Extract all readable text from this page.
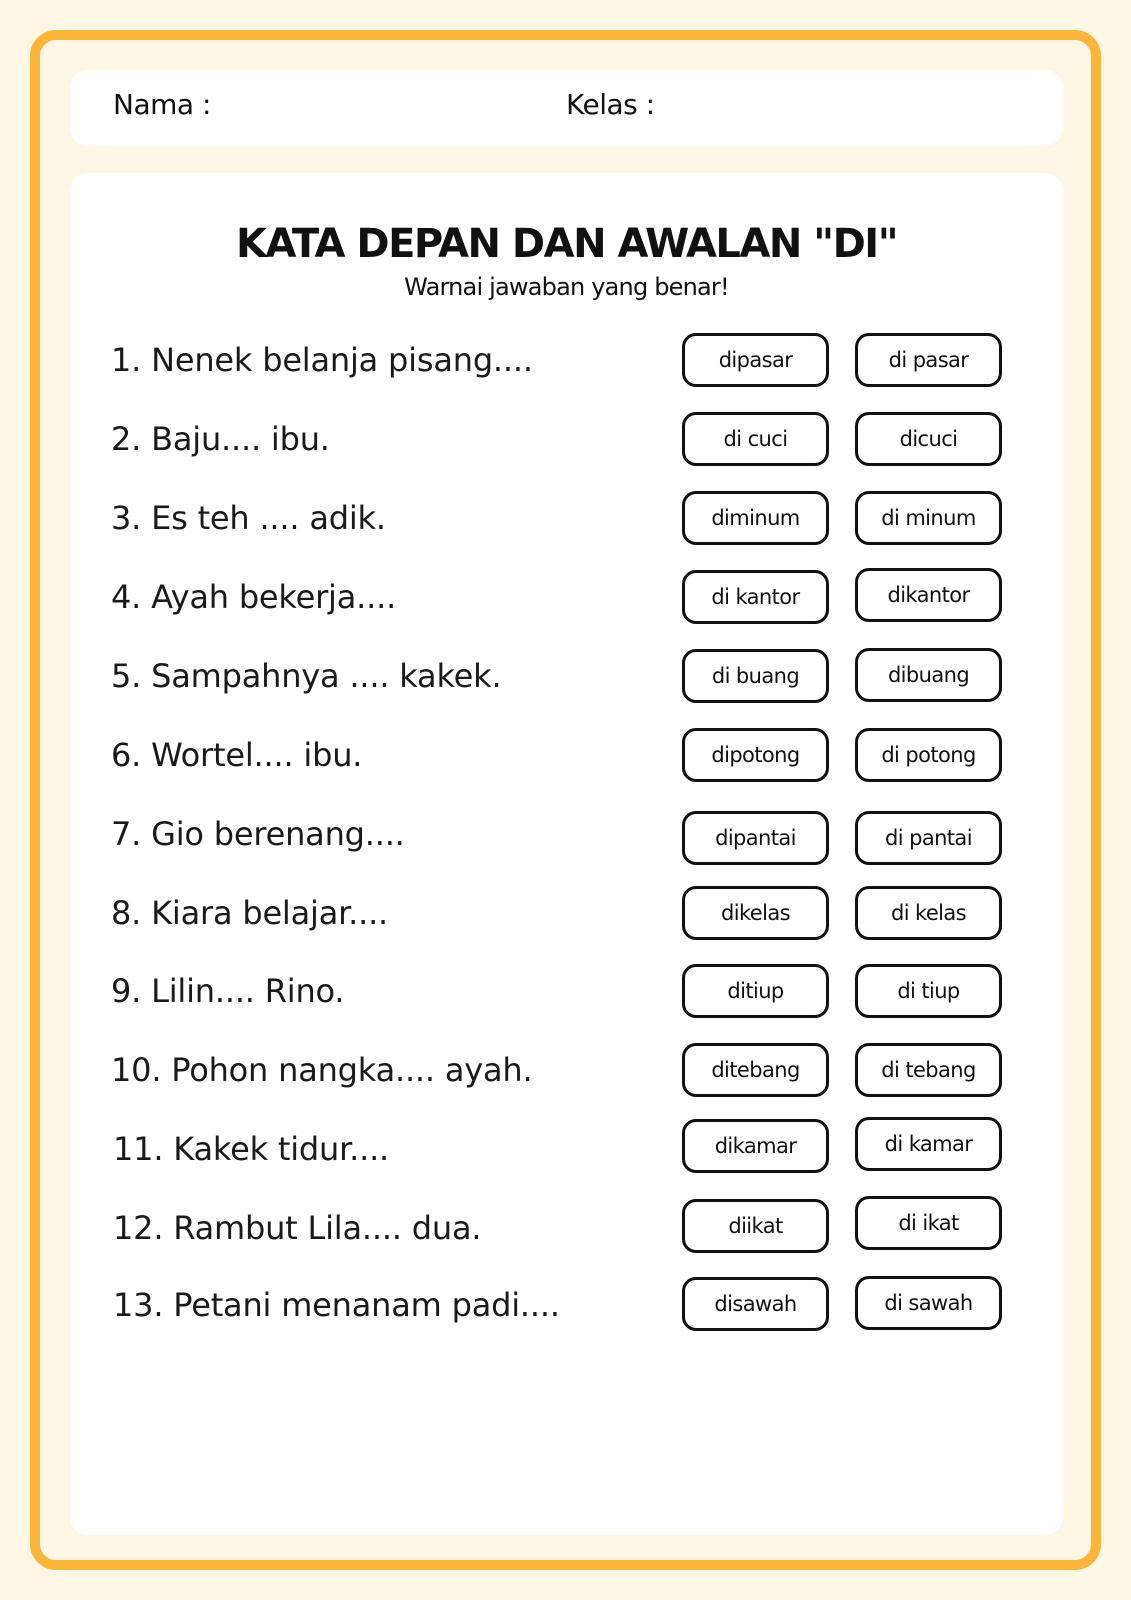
Nama :	Kelas :
KATA DEPAN DAN AWALAN "DI"

Warnai jawaban yang benar!

1. Nenek belanja pisang....	dipasar	di pasar
2. Baju.... ibu.	di cuci	dicuci
3. Es teh .... adik.	diminum	di minum
4. Ayah bekerja....	di kantor	dikantor
5. Sampahnya .... kakek.	di buang	dibuang
6. Wortel.... ibu.	dipotong	di potong
7. Gio berenang....	dipantai	di pantai
8. Kiara belajar....	dikelas	di kelas
9. Lilin.... Rino.	ditiup	di tiup
10. Pohon nangka.... ayah.	ditebang	di tebang
11. Kakek tidur....	dikamar	di kamar
12. Rambut Lila.... dua.	diikat	di ikat
13. Petani menanam padi....	disawah	di sawah
